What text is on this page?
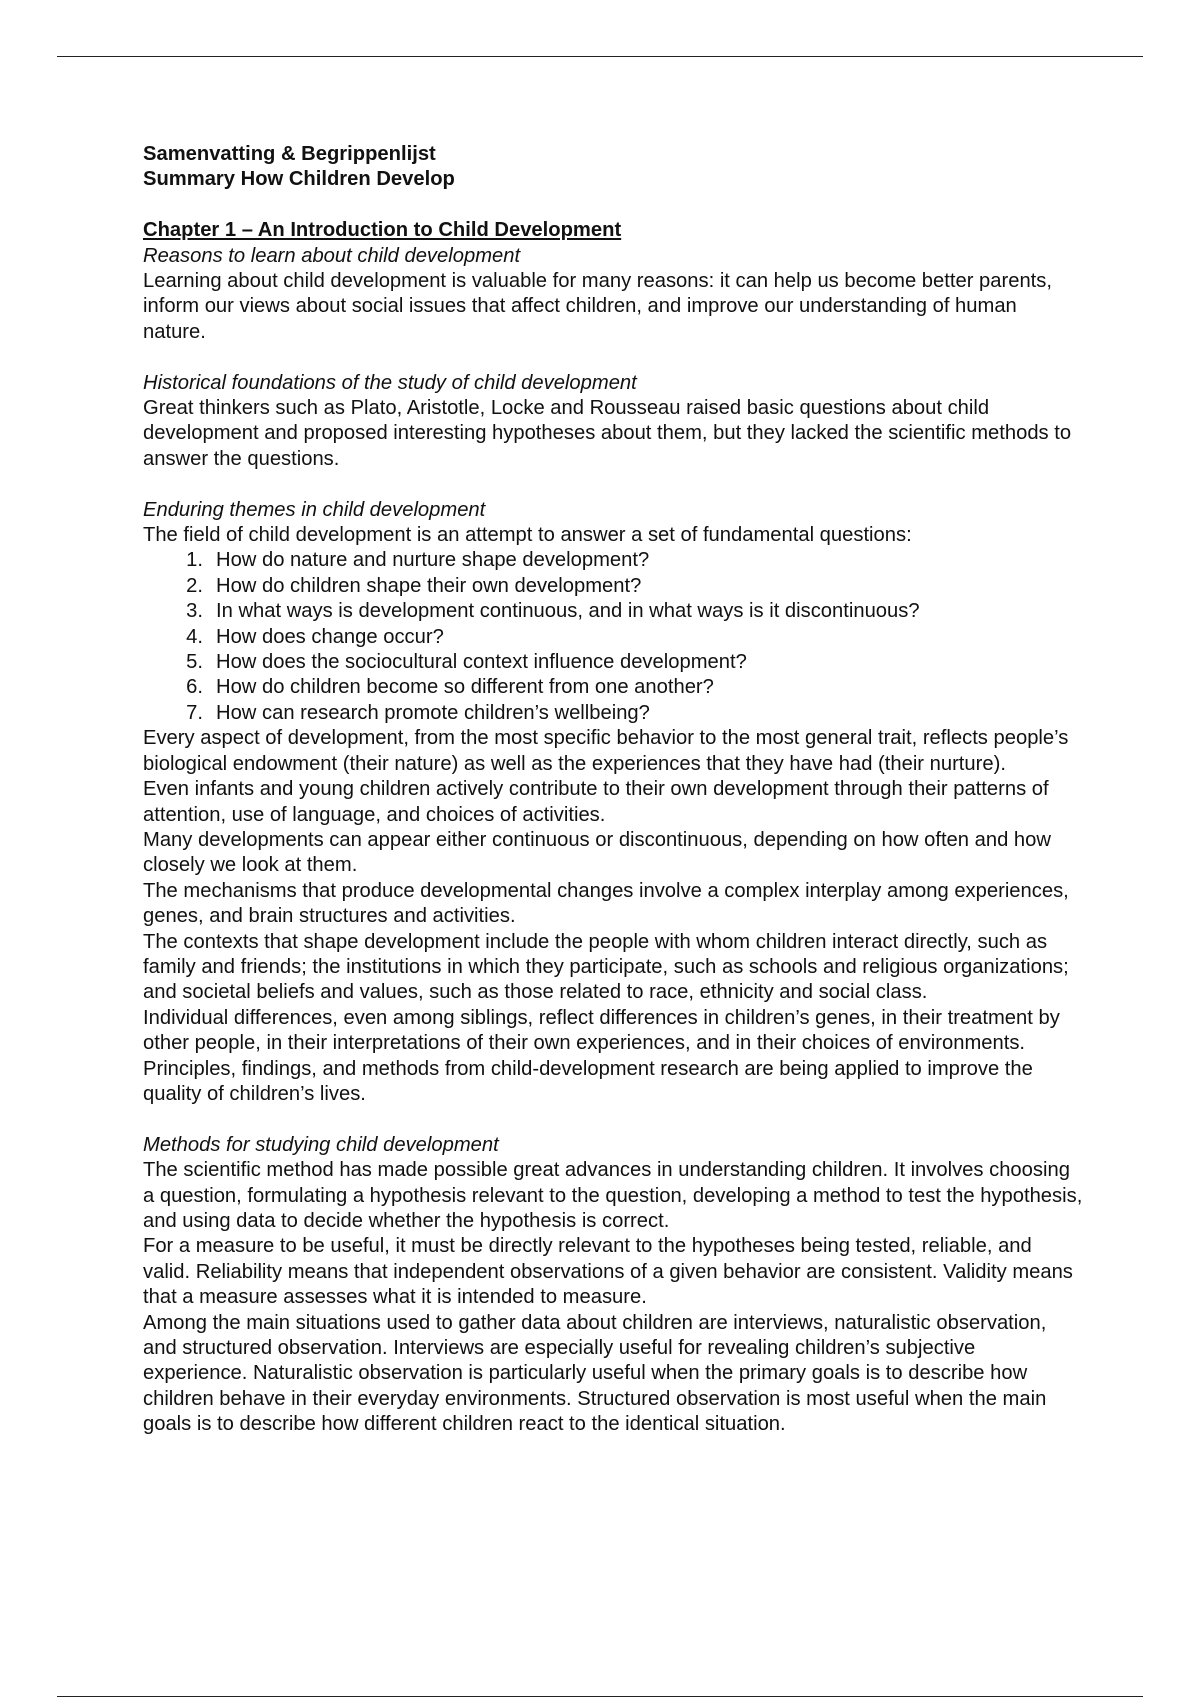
Samenvatting & Begrippenlijst
Summary How Children Develop
Chapter 1 – An Introduction to Child Development
Reasons to learn about child development

Learning about child development is valuable for many reasons: it can help us become better parents, inform our views about social issues that affect children, and improve our understanding of human nature.

Historical foundations of the study of child development

Great thinkers such as Plato, Aristotle, Locke and Rousseau raised basic questions about child development and proposed interesting hypotheses about them, but they lacked the scientific methods to answer the questions.

Enduring themes in child development

The field of child development is an attempt to answer a set of fundamental questions:

How do nature and nurture shape development?
How do children shape their own development?
In what ways is development continuous, and in what ways is it discontinuous?
How does change occur?
How does the sociocultural context influence development?
How do children become so different from one another?
How can research promote children’s wellbeing?

Every aspect of development, from the most specific behavior to the most general trait, reflects people’s biological endowment (their nature) as well as the experiences that they have had (their nurture).

Even infants and young children actively contribute to their own development through their patterns of attention, use of language, and choices of activities.

Many developments can appear either continuous or discontinuous, depending on how often and how closely we look at them.

The mechanisms that produce developmental changes involve a complex interplay among experiences, genes, and brain structures and activities.

The contexts that shape development include the people with whom children interact directly, such as family and friends; the institutions in which they participate, such as schools and religious organizations; and societal beliefs and values, such as those related to race, ethnicity and social class.

Individual differences, even among siblings, reflect differences in children’s genes, in their treatment by other people, in their interpretations of their own experiences, and in their choices of environments.

Principles, findings, and methods from child-development research are being applied to improve the quality of children’s lives.

Methods for studying child development

The scientific method has made possible great advances in understanding children. It involves choosing a question, formulating a hypothesis relevant to the question, developing a method to test the hypothesis, and using data to decide whether the hypothesis is correct.

For a measure to be useful, it must be directly relevant to the hypotheses being tested, reliable, and valid. Reliability means that independent observations of a given behavior are consistent. Validity means that a measure assesses what it is intended to measure.

Among the main situations used to gather data about children are interviews, naturalistic observation, and structured observation. Interviews are especially useful for revealing children’s subjective experience. Naturalistic observation is particularly useful when the primary goals is to describe how children behave in their everyday environments. Structured observation is most useful when the main goals is to describe how different children react to the identical situation.
